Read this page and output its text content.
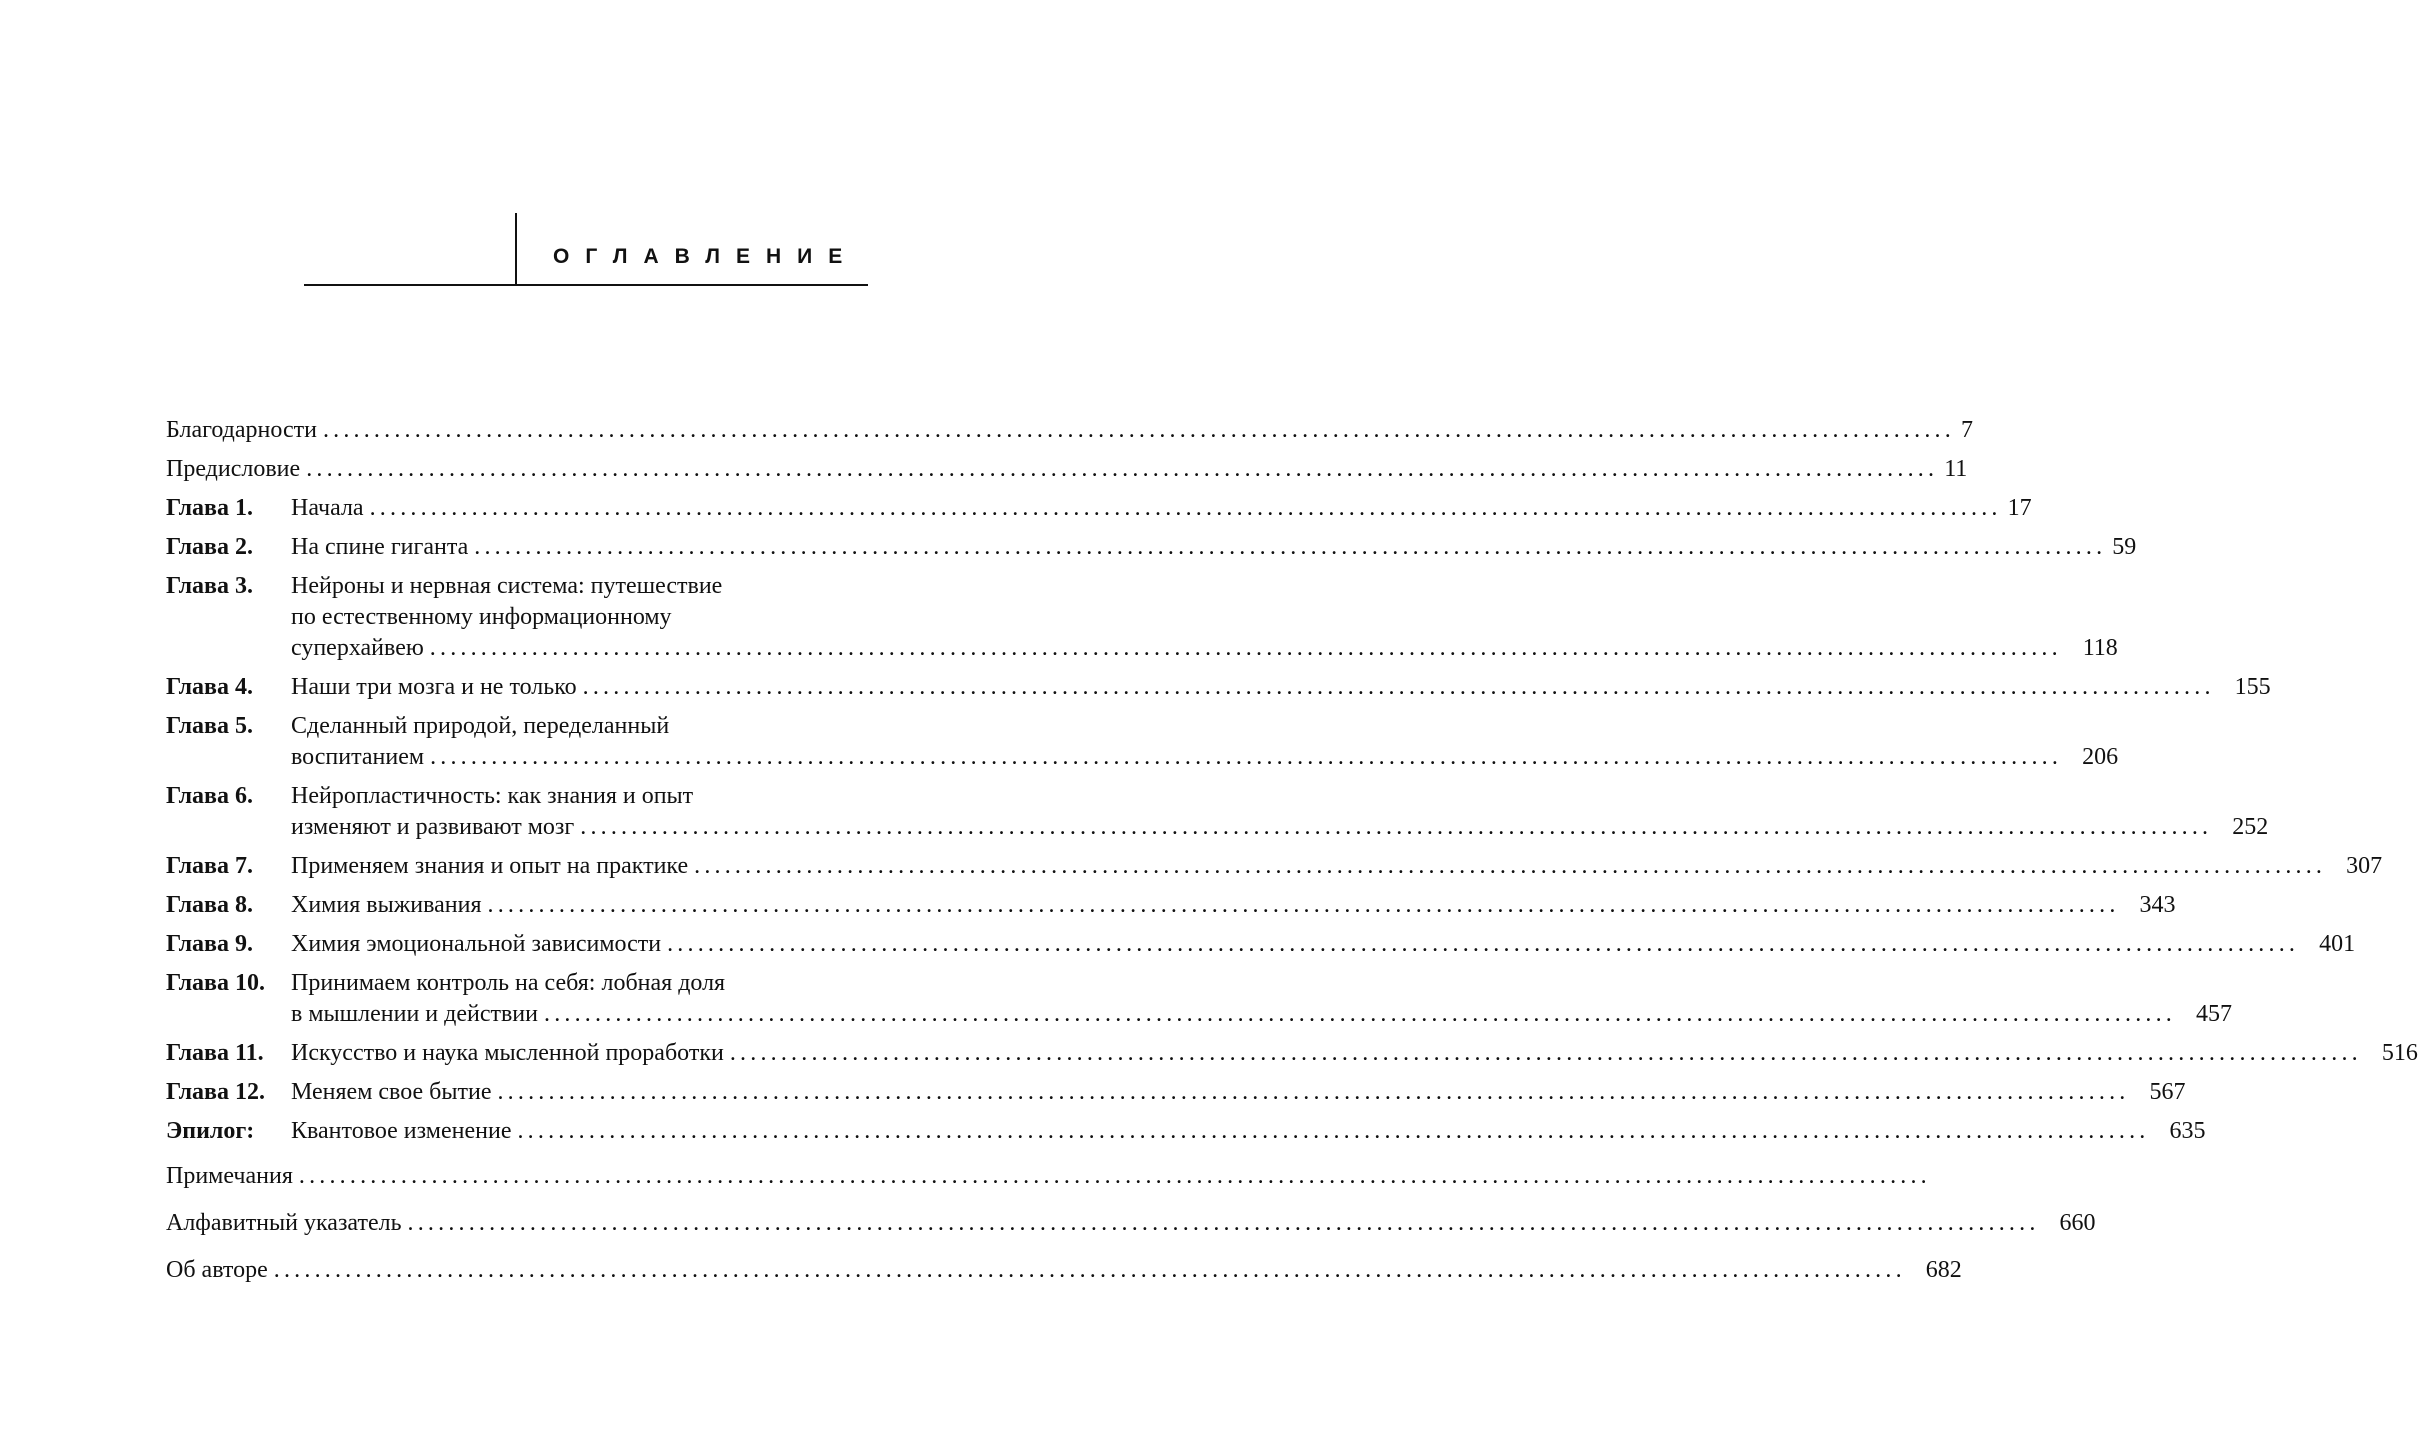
ОГЛАВЛЕНИЕ
Благодарности ................................................................................................................................................................ 7
Предисловие ................................................................................................................................................................ 11
Глава 1. Начала ................................................................................................................................................................ 17
Глава 2. На спине гиганта ................................................................................................................................................................ 59
Глава 3. Нейроны и нервная система: путешествие
по естественному информационному
суперхайвею ................................................................................................................................................................ 118
Глава 4. Наши три мозга и не только ................................................................................................................................................................ 155
Глава 5. Сделанный природой, переделанный
воспитанием ................................................................................................................................................................ 206
Глава 6. Нейропластичность: как знания и опыт
изменяют и развивают мозг ................................................................................................................................................................ 252
Глава 7. Применяем знания и опыт на практике ................................................................................................................................................................ 307
Глава 8. Химия выживания ................................................................................................................................................................ 343
Глава 9. Химия эмоциональной зависимости ................................................................................................................................................................ 401
Глава 10. Принимаем контроль на себя: лобная доля
в мышлении и действии ................................................................................................................................................................ 457
Глава 11. Искусство и наука мысленной проработки ................................................................................................................................................................ 516
Глава 12. Меняем свое бытие ................................................................................................................................................................ 567
Эпилог: Квантовое изменение ................................................................................................................................................................ 635
Примечания ................................................................................................................................................................
Алфавитный указатель ................................................................................................................................................................ 660
Об авторе ................................................................................................................................................................ 682
